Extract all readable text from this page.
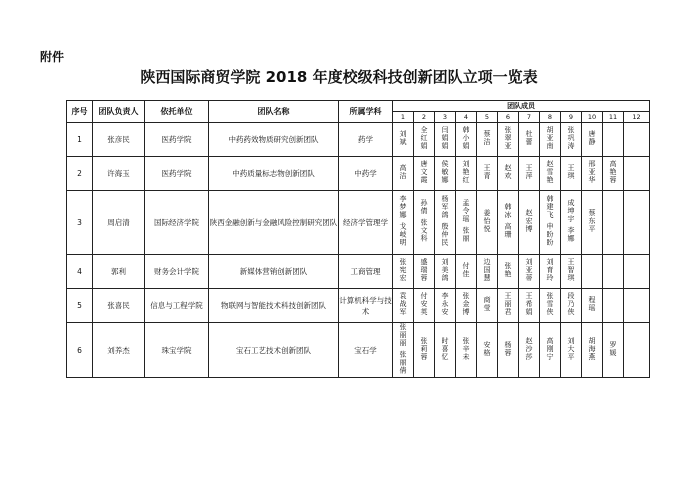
附件
陕西国际商贸学院 2018 年度校级科技创新团队立项一览表
序号	团队负责人	依托单位	团队名称	所属学科	团队成员											
					1	2	3	4	5	6	7	8	9	10	11	12
1	张彦民	医药学院	中药药效物质研究创新团队	药学	刘斌	全红娟	闫娟娟	韩小娟	蔡洁	张翠亚	杜蕾	胡亚南	张巩涛	唐静		
2	许海玉	医药学院	中药质量标志物创新团队	中药学	高洁	唐文霞	侯敏娜	刘艳红	王青	赵欢	王萍	赵雪艳	王琪	邢亚华	高艳蓉	
3	周启清	国际经济学院	陕西金融创新与金融风险控制研究团队	经济学管理学	李梦娜 戈岐明	孙倩 张文科	杨军鸽 殷仲民	孟令瑶 张丽	姜怡悦	韩冰 高珊	赵宏博	韩建飞 申盼盼	成坤宇 李娜	蔡东平		
4	郭利	财务会计学院	新媒体营销创新团队	工商管理	张宪宏	盛瑞蓉	刘美鸽	付佳	边国慧	张艳	刘亚蒂	刘育玲	王智琪			
5	张喜民	信息与工程学院	物联网与智能技术科技创新团队	计算机科学与技术	袁战军	付安英	李永安	张金博	商莹	王丽君	王希娟	张雪侠	段乃侠	程瑶		
6	刘养杰	珠宝学院	宝石工艺技术创新团队	宝石学	张丽丽 张丽倩	张莉蓉	时喜忆	张辛未	安格	杨蓉	赵沙莎	高刚宁	刘大平	胡海燕	罗媛	
